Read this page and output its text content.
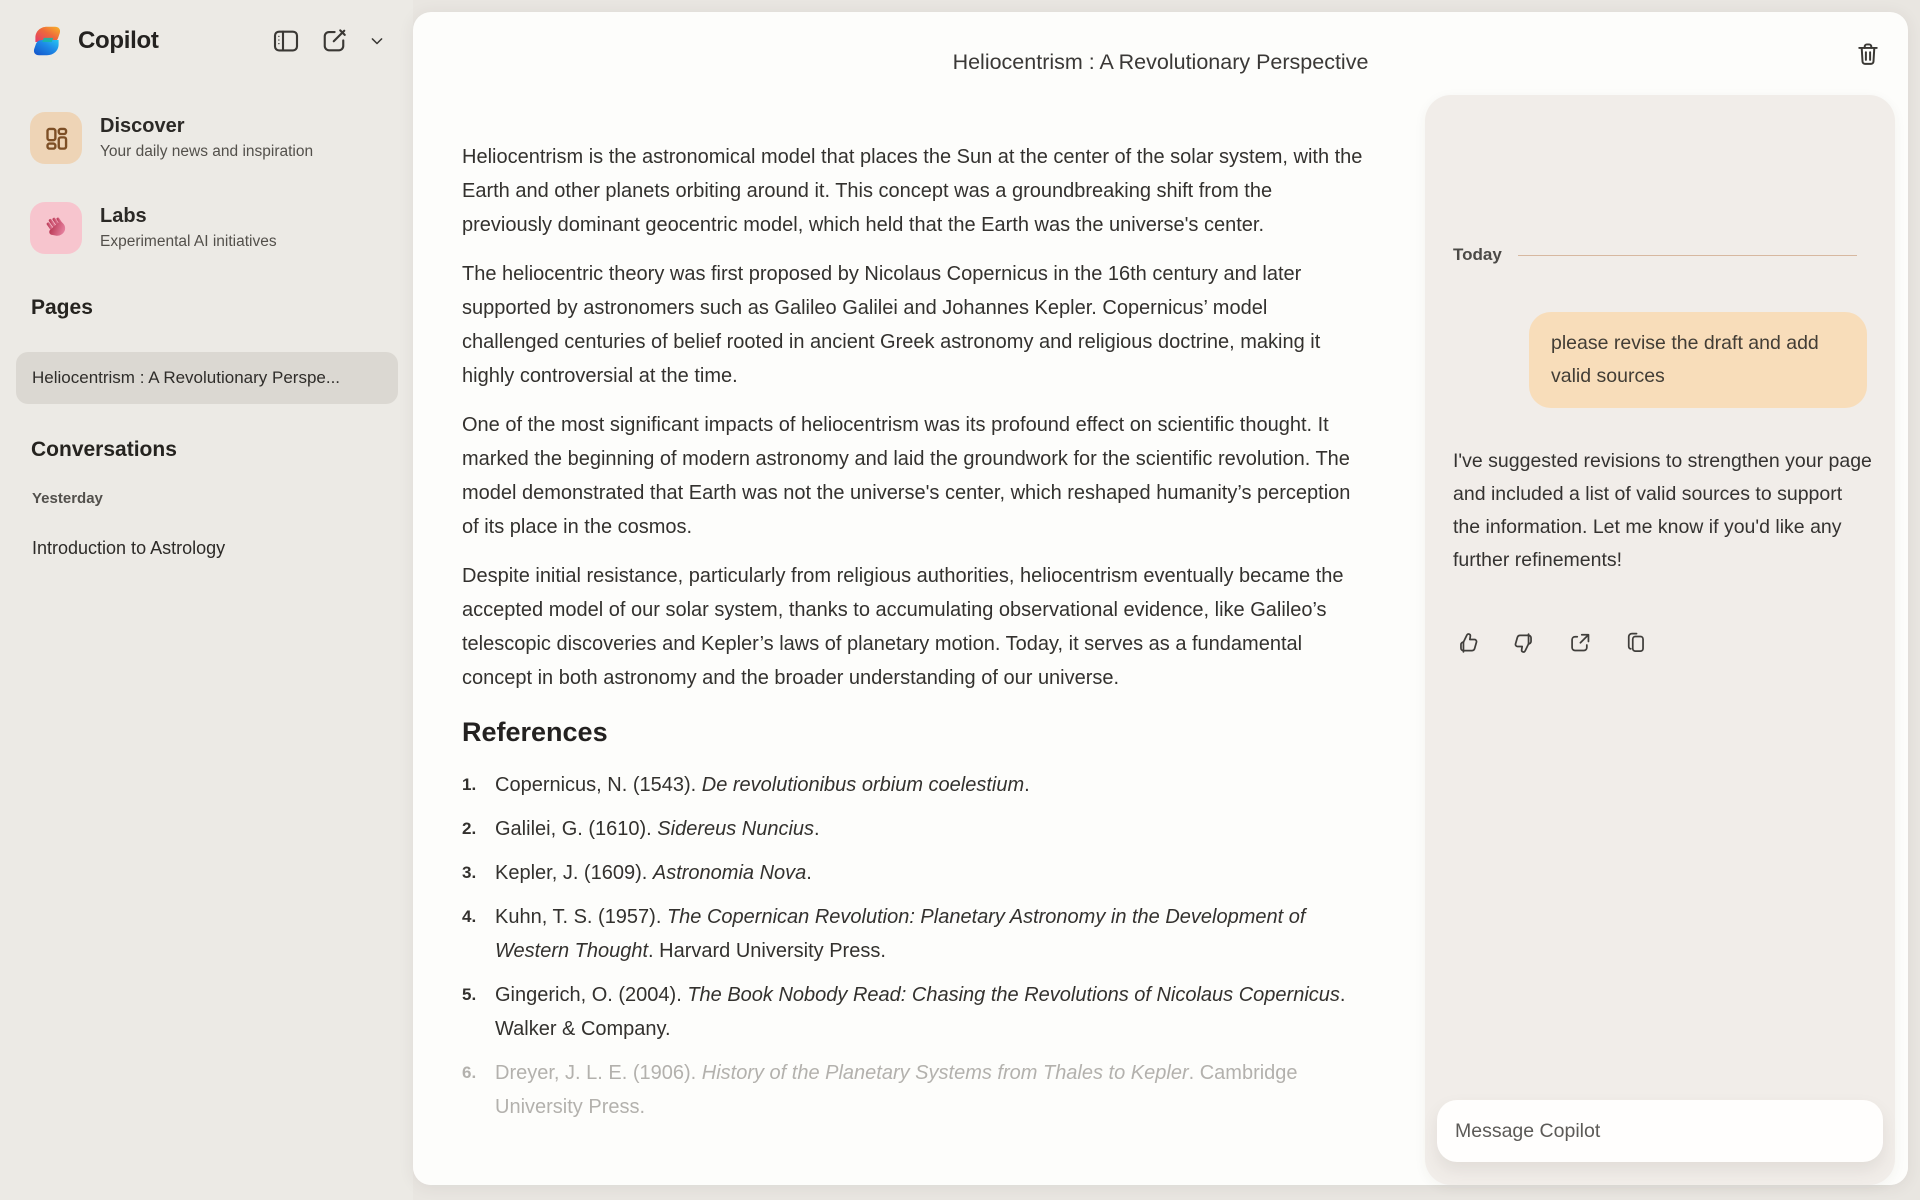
Copilot
Discover
Your daily news and inspiration
Labs
Experimental AI initiatives
Pages
Heliocentrism : A Revolutionary Perspe...
Conversations
Yesterday
Introduction to Astrology
Heliocentrism : A Revolutionary Perspective

Heliocentrism is the astronomical model that places the Sun at the center of the solar system, with the Earth and other planets orbiting around it. This concept was a groundbreaking shift from the previously dominant geocentric model, which held that the Earth was the universe's center.

The heliocentric theory was first proposed by Nicolaus Copernicus in the 16th century and later supported by astronomers such as Galileo Galilei and Johannes Kepler. Copernicus’ model challenged centuries of belief rooted in ancient Greek astronomy and religious doctrine, making it highly controversial at the time.

One of the most significant impacts of heliocentrism was its profound effect on scientific thought. It marked the beginning of modern astronomy and laid the groundwork for the scientific revolution. The model demonstrated that Earth was not the universe's center, which reshaped humanity’s perception of its place in the cosmos.

Despite initial resistance, particularly from religious authorities, heliocentrism eventually became the accepted model of our solar system, thanks to accumulating observational evidence, like Galileo’s telescopic discoveries and Kepler’s laws of planetary motion. Today, it serves as a fundamental concept in both astronomy and the broader understanding of our universe.

References
1. Copernicus, N. (1543). De revolutionibus orbium coelestium.
2. Galilei, G. (1610). Sidereus Nuncius.
3. Kepler, J. (1609). Astronomia Nova.
4. Kuhn, T. S. (1957). The Copernican Revolution: Planetary Astronomy in the Development of Western Thought. Harvard University Press.
5. Gingerich, O. (2004). The Book Nobody Read: Chasing the Revolutions of Nicolaus Copernicus. Walker & Company.
6. Dreyer, J. L. E. (1906). History of the Planetary Systems from Thales to Kepler. Cambridge University Press.
Today
please revise the draft and add valid sources
I've suggested revisions to strengthen your page and included a list of valid sources to support the information. Let me know if you'd like any further refinements!
Message Copilot
